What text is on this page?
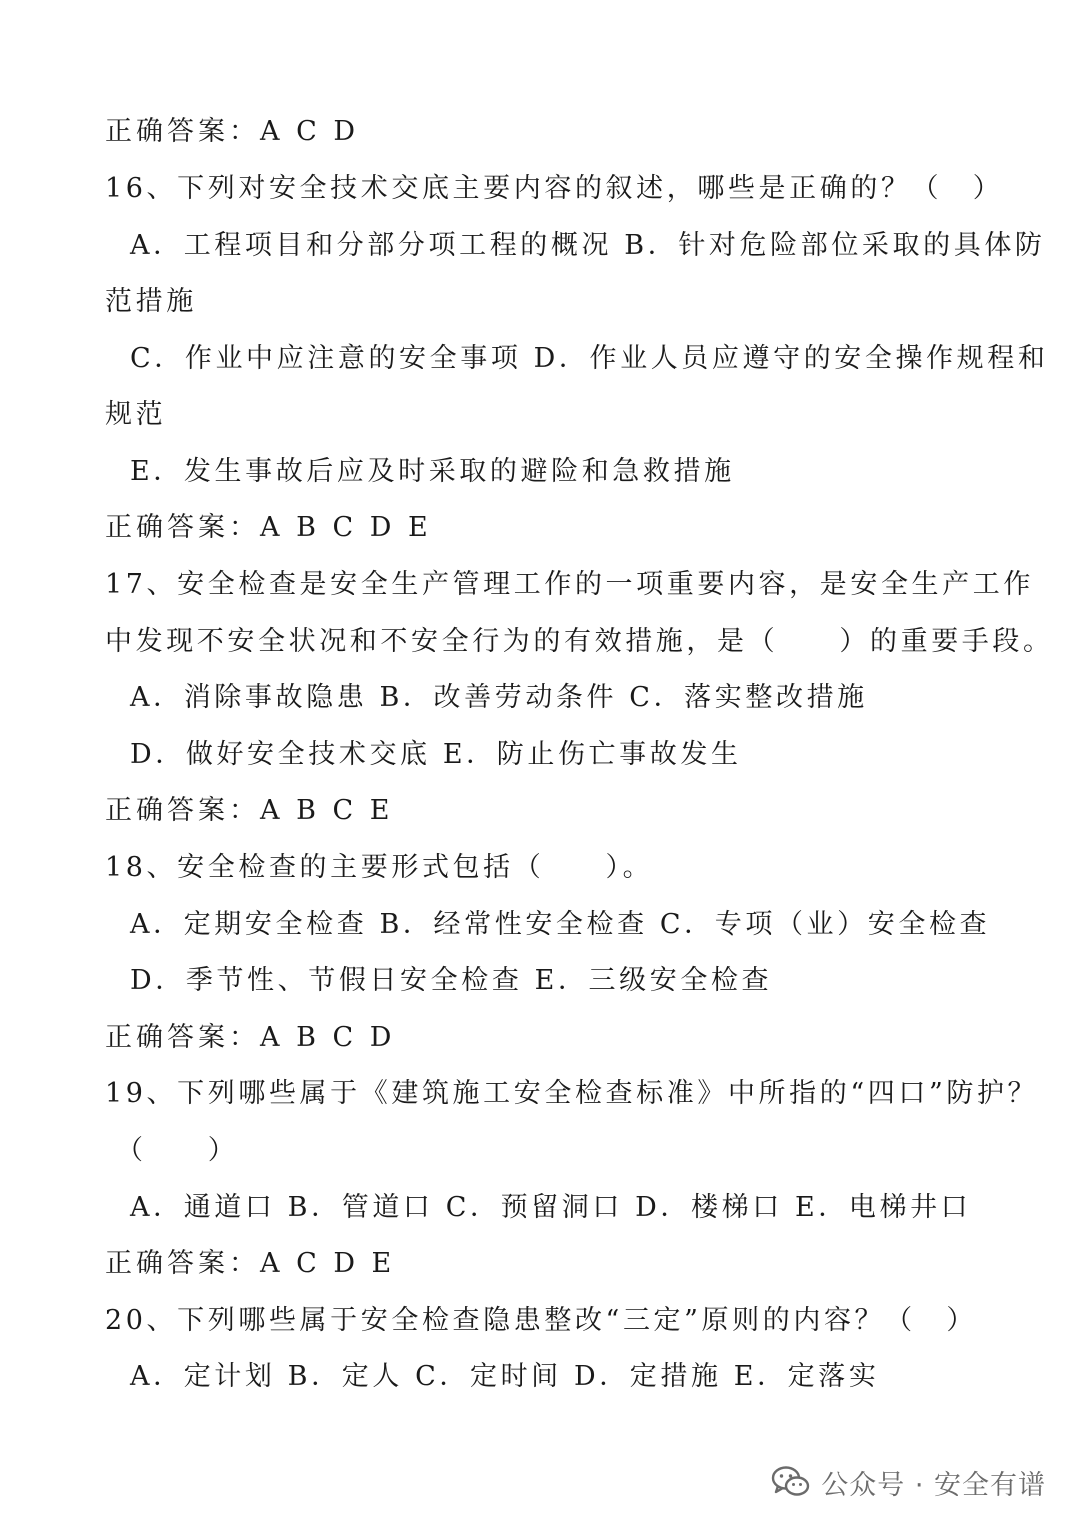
正确答案：A C D
16、下列对安全技术交底主要内容的叙述，哪些是正确的？（　）
A．工程项目和分部分项工程的概况 B．针对危险部位采取的具体防
范措施
C．作业中应注意的安全事项 D．作业人员应遵守的安全操作规程和
规范
E．发生事故后应及时采取的避险和急救措施
正确答案：A B C D E
17、安全检查是安全生产管理工作的一项重要内容，是安全生产工作
中发现不安全状况和不安全行为的有效措施，是（　　）的重要手段。
A．消除事故隐患 B．改善劳动条件 C．落实整改措施
D．做好安全技术交底 E．防止伤亡事故发生
正确答案：A B C E
18、安全检查的主要形式包括（　　）。
A．定期安全检查 B．经常性安全检查 C．专项（业）安全检查
D．季节性、节假日安全检查 E．三级安全检查
正确答案：A B C D
19、下列哪些属于《建筑施工安全检查标准》中所指的“四口”防护？
（　　）
A．通道口 B．管道口 C．预留洞口 D．楼梯口 E．电梯井口
正确答案：A C D E
20、下列哪些属于安全检查隐患整改“三定”原则的内容？（　）
A．定计划 B．定人 C．定时间 D．定措施 E．定落实
公众号 · 安全有谱
